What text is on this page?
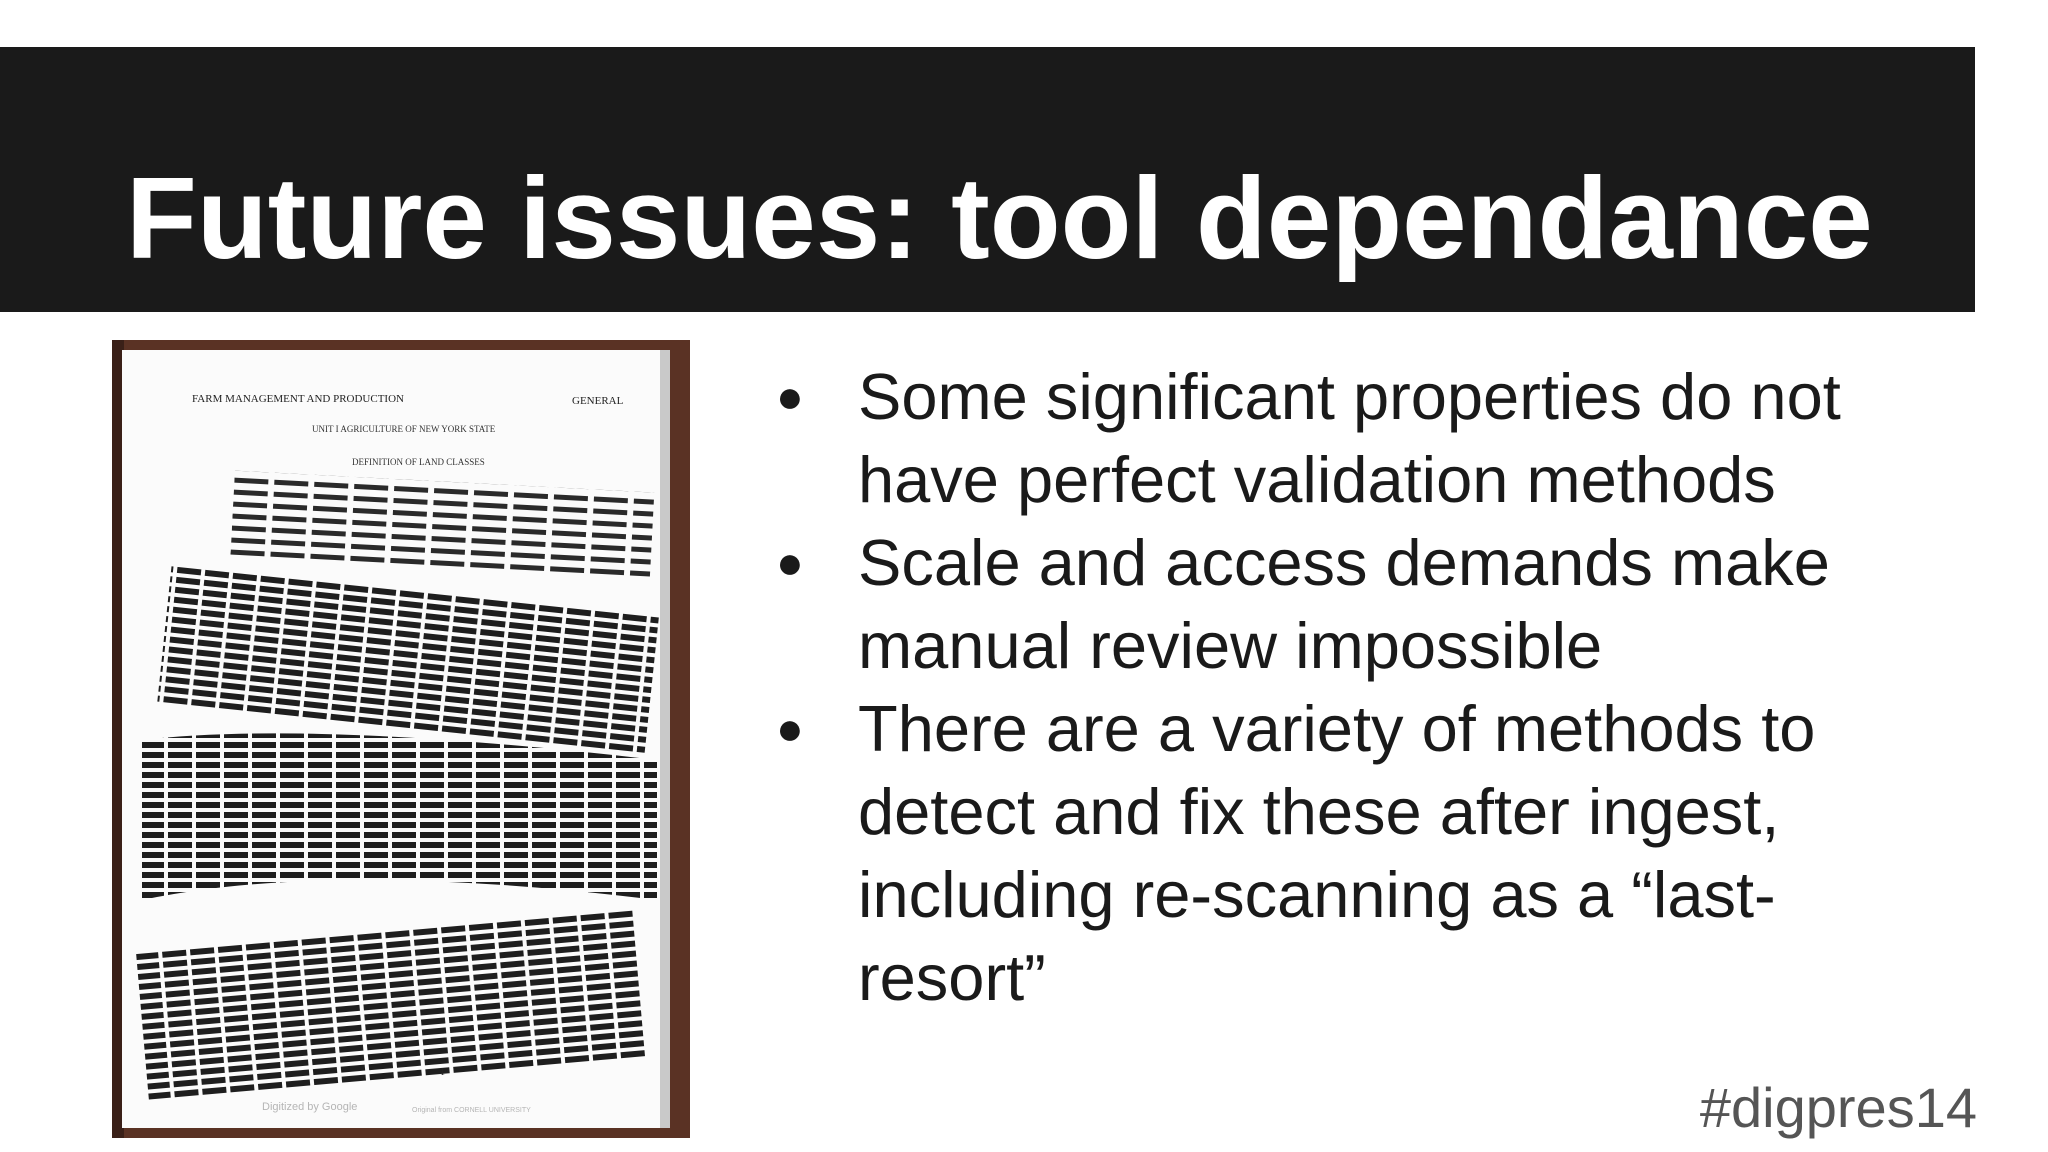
Future issues: tool dependance
FARM MANAGEMENT AND PRODUCTION	GENERAL
UNIT I AGRICULTURE OF NEW YORK STATE
DEFINITION OF LAND CLASSES
1
Digitized by Google	Original from CORNELL UNIVERSITY
● Some significant properties do not have perfect validation methods
● Scale and access demands make manual review impossible
● There are a variety of methods to detect and fix these after ingest, including re-scanning as a “last-resort”
#digpres14
